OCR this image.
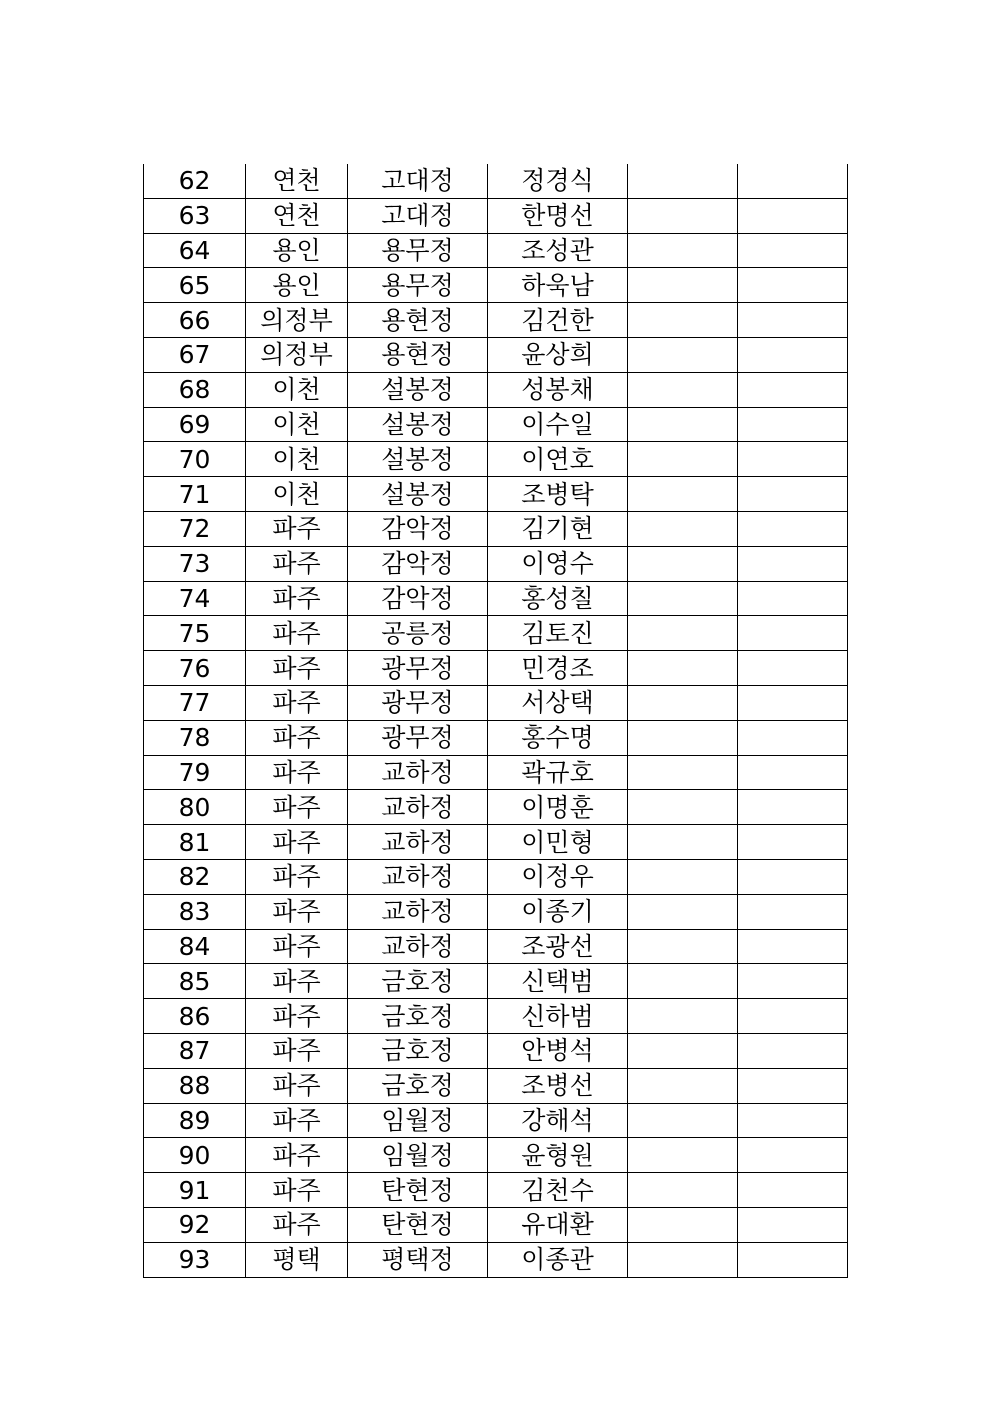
62	연천	고대정	정경식		
63	연천	고대정	한명선		
64	용인	용무정	조성관		
65	용인	용무정	하욱남		
66	의정부	용현정	김건한		
67	의정부	용현정	윤상희		
68	이천	설봉정	성봉채		
69	이천	설봉정	이수일		
70	이천	설봉정	이연호		
71	이천	설봉정	조병탁		
72	파주	감악정	김기현		
73	파주	감악정	이영수		
74	파주	감악정	홍성칠		
75	파주	공릉정	김토진		
76	파주	광무정	민경조		
77	파주	광무정	서상택		
78	파주	광무정	홍수명		
79	파주	교하정	곽규호		
80	파주	교하정	이명훈		
81	파주	교하정	이민형		
82	파주	교하정	이정우		
83	파주	교하정	이종기		
84	파주	교하정	조광선		
85	파주	금호정	신택범		
86	파주	금호정	신하범		
87	파주	금호정	안병석		
88	파주	금호정	조병선		
89	파주	임월정	강해석		
90	파주	임월정	윤형원		
91	파주	탄현정	김천수		
92	파주	탄현정	유대환		
93	평택	평택정	이종관		
